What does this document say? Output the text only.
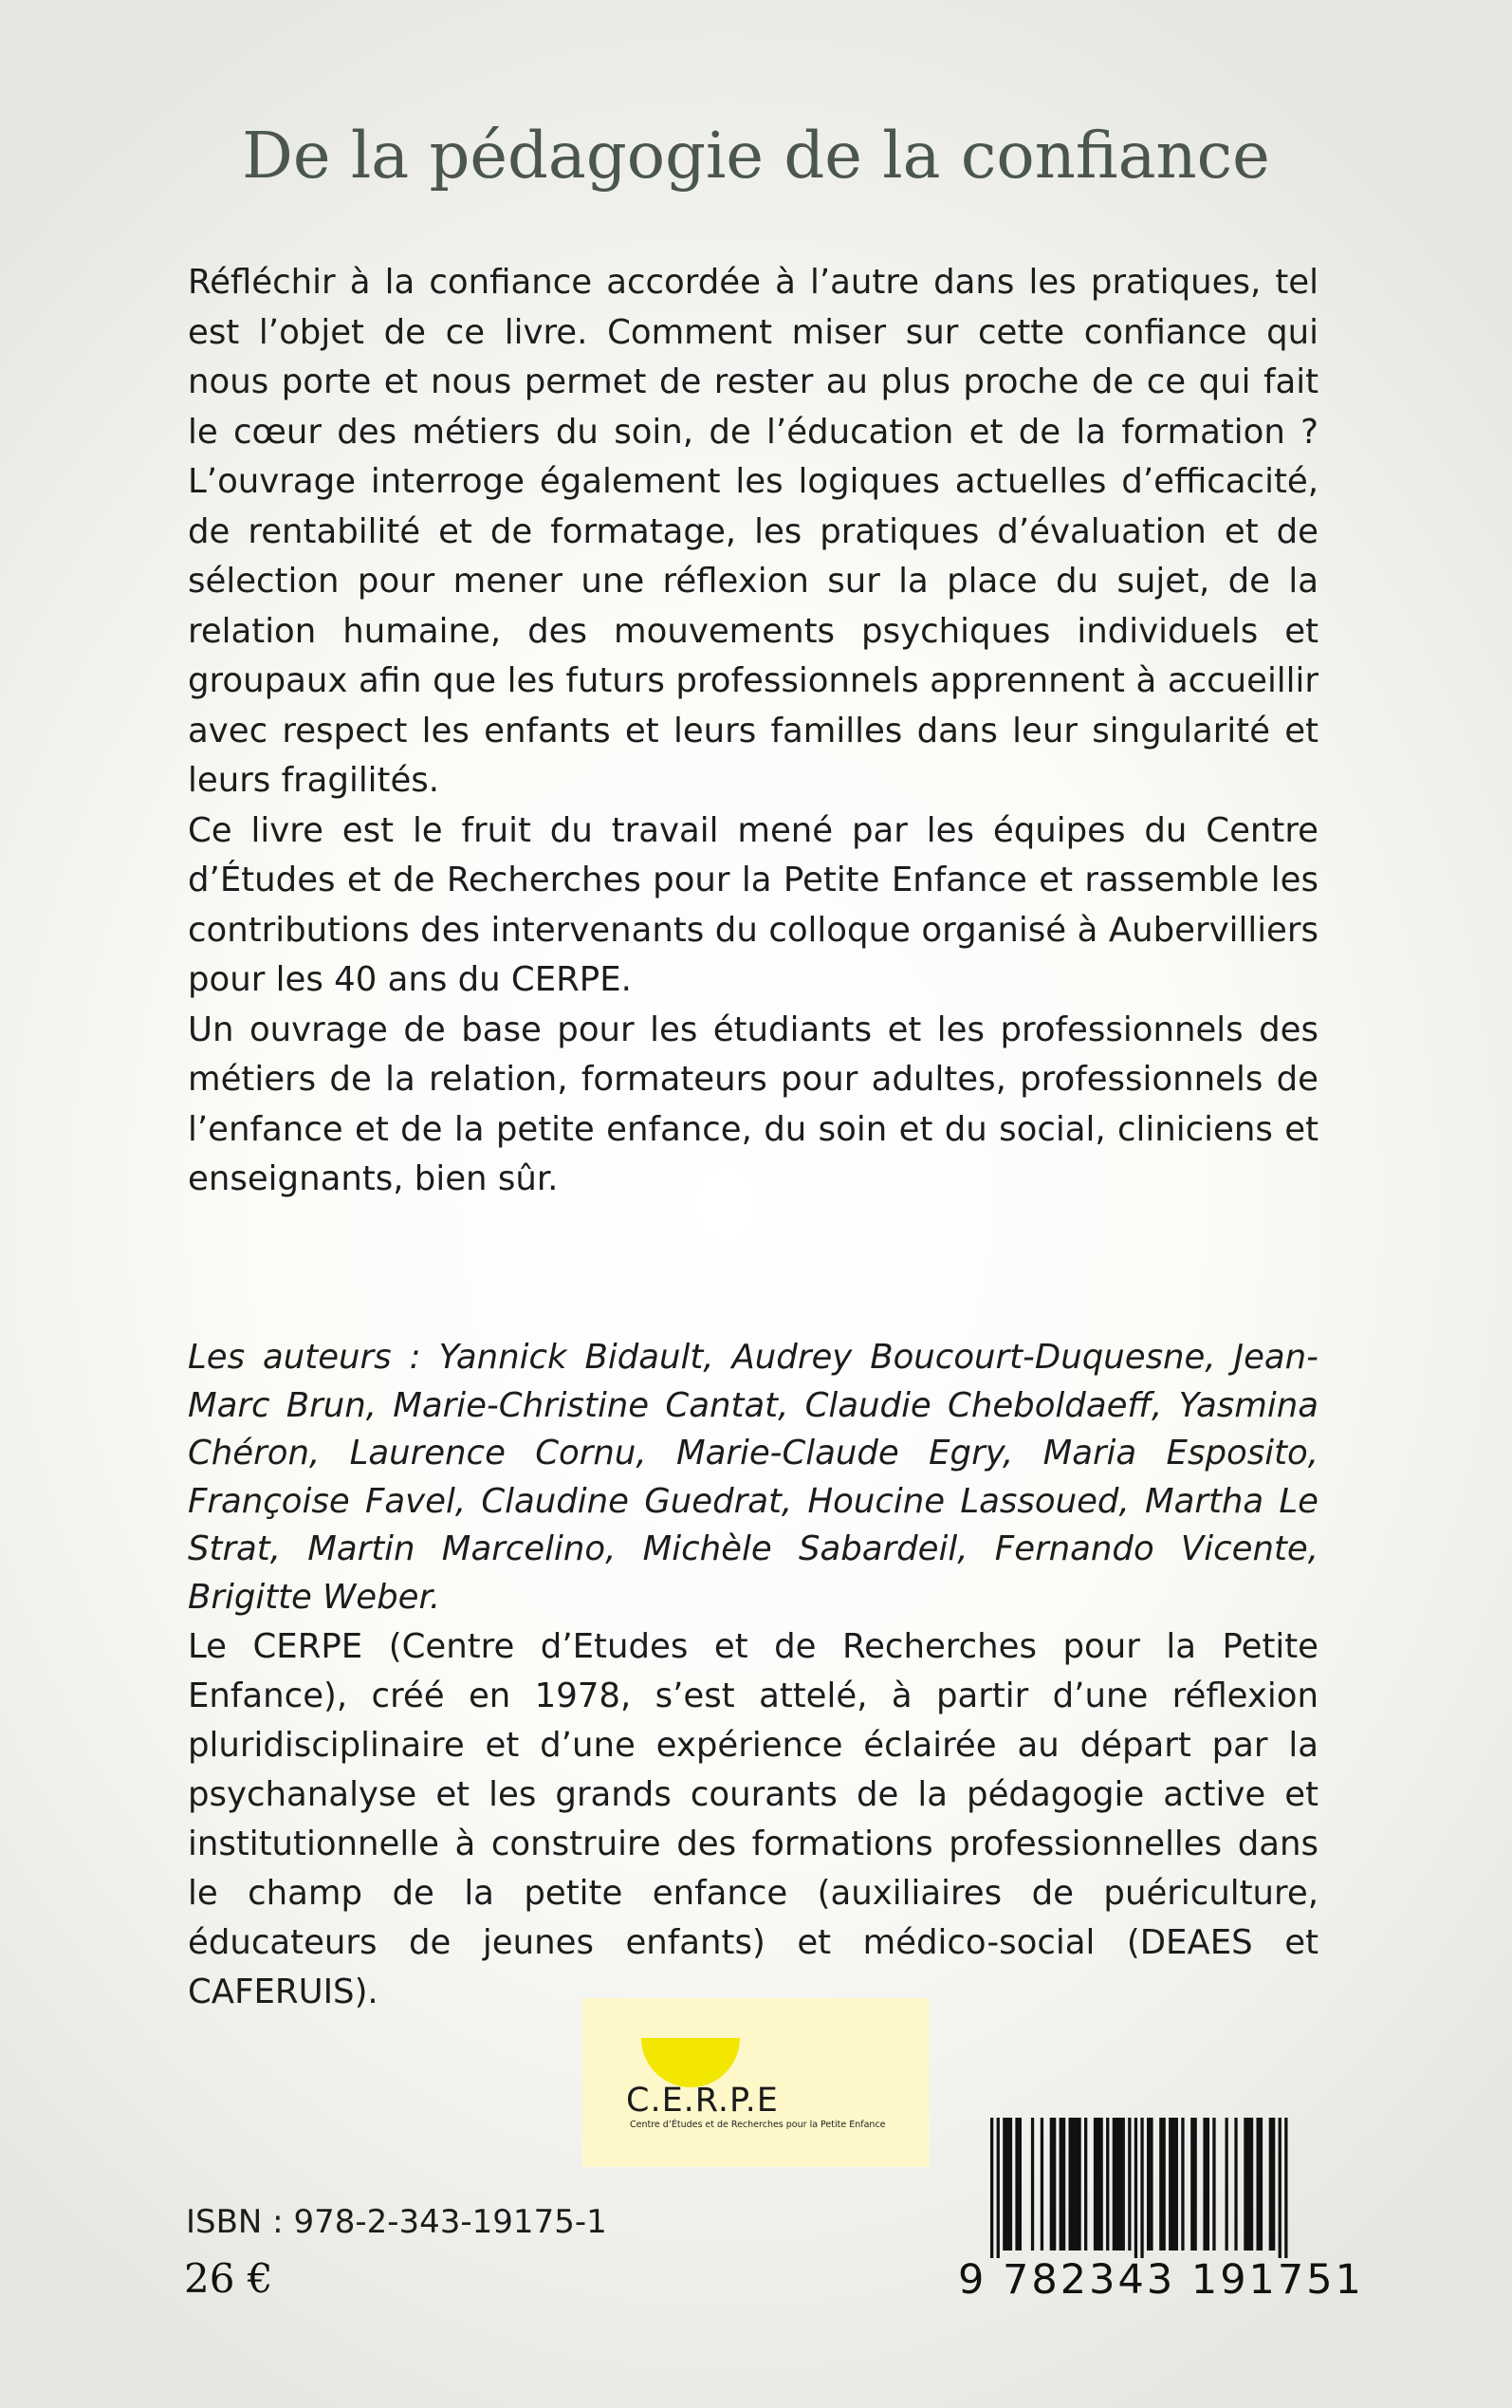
De la pédagogie de la confiance

Réfléchir à la confiance accordée à l’autre dans les pratiques, tel est l’objet de ce livre. Comment miser sur cette confiance qui nous porte et nous permet de rester au plus proche de ce qui fait le cœur des métiers du soin, de l’éducation et de la formation ? L’ouvrage interroge également les logiques actuelles d’efficacité, de rentabilité et de formatage, les pratiques d’évaluation et de sélection pour mener une réflexion sur la place du sujet, de la relation humaine, des mouvements psychiques individuels et groupaux afin que les futurs professionnels apprennent à accueillir avec respect les enfants et leurs familles dans leur singularité et leurs fragilités.

Ce livre est le fruit du travail mené par les équipes du Centre d’Études et de Recherches pour la Petite Enfance et rassemble les contributions des intervenants du colloque organisé à Aubervilliers pour les 40 ans du CERPE.

Un ouvrage de base pour les étudiants et les professionnels des métiers de la relation, formateurs pour adultes, professionnels de l’enfance et de la petite enfance, du soin et du social, cliniciens et enseignants, bien sûr.

Les auteurs : Yannick Bidault, Audrey Boucourt-Duquesne, Jean-Marc Brun, Marie-Christine Cantat, Claudie Cheboldaeff, Yasmina Chéron, Laurence Cornu, Marie-Claude Egry, Maria Esposito, Françoise Favel, Claudine Guedrat, Houcine Lassoued, Martha Le Strat, Martin Marcelino, Michèle Sabardeil, Fernando Vicente, Brigitte Weber.

Le CERPE (Centre d’Etudes et de Recherches pour la Petite Enfance), créé en 1978, s’est attelé, à partir d’une réflexion pluridisciplinaire et d’une expérience éclairée au départ par la psychanalyse et les grands courants de la pédagogie active et institutionnelle à construire des formations professionnelles dans le champ de la petite enfance (auxiliaires de puériculture, éducateurs de jeunes enfants) et médico-social (DEAES et CAFERUIS).

C.E.R.P.E
Centre d’Études et de Recherches pour la Petite Enfance
ISBN : 978-2-343-19175-1
26 €	9 782343 191751
